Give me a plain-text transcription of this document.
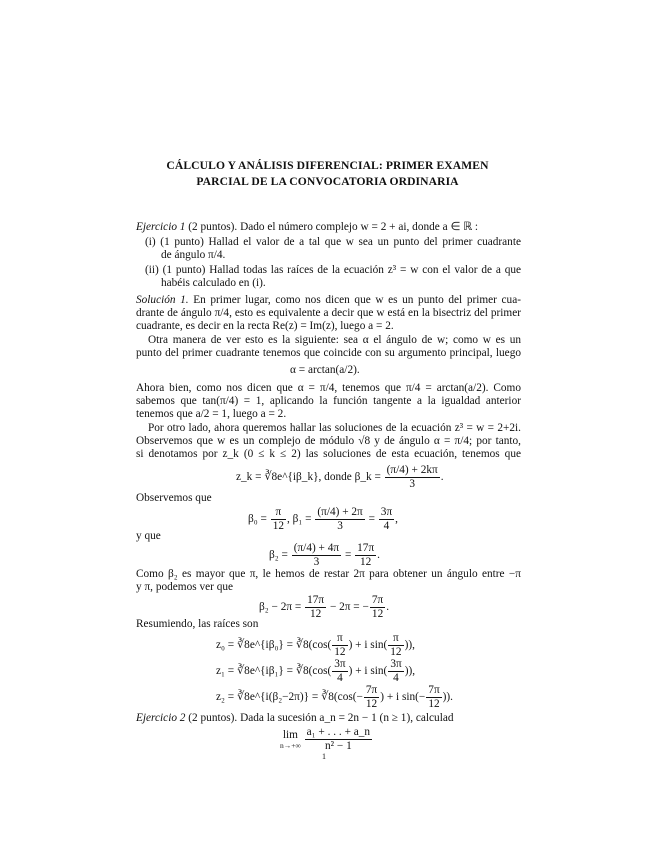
CÁLCULO Y ANÁLISIS DIFERENCIAL: PRIMER EXAMEN
PARCIAL DE LA CONVOCATORIA ORDINARIA
Ejercicio 1 (2 puntos). Dado el número complejo w = 2 + ai, donde a ∈ ℝ :
(i) (1 punto) Hallad el valor de a tal que w sea un punto del primer cuadrante
de ángulo π/4.
(ii) (1 punto) Hallad todas las raíces de la ecuación z³ = w con el valor de a que
habéis calculado en (i).
Solución 1. En primer lugar, como nos dicen que w es un punto del primer cua-
drante de ángulo π/4, esto es equivalente a decir que w está en la bisectriz del primer
cuadrante, es decir en la recta Re(z) = Im(z), luego a = 2.
Otra manera de ver esto es la siguiente: sea α el ángulo de w; como w es un
punto del primer cuadrante tenemos que coincide con su argumento principal, luego
α = arctan(a/2).
Ahora bien, como nos dicen que α = π/4, tenemos que π/4 = arctan(a/2). Como
sabemos que tan(π/4) = 1, aplicando la función tangente a la igualdad anterior
tenemos que a/2 = 1, luego a = 2.
Por otro lado, ahora queremos hallar las soluciones de la ecuación z³ = w = 2+2i.
Observemos que w es un complejo de módulo √8 y de ángulo α = π/4; por tanto,
si denotamos por z_k (0 ≤ k ≤ 2) las soluciones de esta ecuación, tenemos que
z_k = ∛8e^{iβ_k}, donde β_k = $\frac{(\pi/4) + 2k\pi}{3}$ .
Observemos que
$\beta_0 = \frac{\pi}{12}$ , $\beta_1 = \frac{(\pi/4) + 2\pi}{3} = \frac{3\pi}{4}$ ,
y que
$\beta_2 = \frac{(\pi/4) + 4\pi}{3} = \frac{17\pi}{12}$ .
Como β₂ es mayor que π, le hemos de restar 2π para obtener un ángulo entre −π
y π, podemos ver que
$\beta_2 - 2\pi = \frac{17\pi}{12} - 2\pi$ = − $\frac{7\pi}{12}$ .
Resumiendo, las raíces son
z₀ = ∛8e^{iβ₀} = ∛8(cos( $\frac{\pi}{12}$ ) + i $\sin( \frac{\pi}{12}$ )),
z₁ = ∛8e^{iβ₁} = ∛8(cos( $\frac{3\pi}{4}$ ) + i $\sin( \frac{3\pi}{4}$ )),
z₂ = ∛8e^{i(β₂−2π)} = ∛8(cos(− $\frac{7\pi}{12}$ ) + i $\sin(- \frac{7\pi}{12}$ )).
Ejercicio 2 (2 puntos). Dada la sucesión a_n = 2n − 1 (n ≥ 1), calculad
lim
n→+∞
$\frac{\text{a₁ + . . . + a\_n}}{\text{n² − 1}}$
1
